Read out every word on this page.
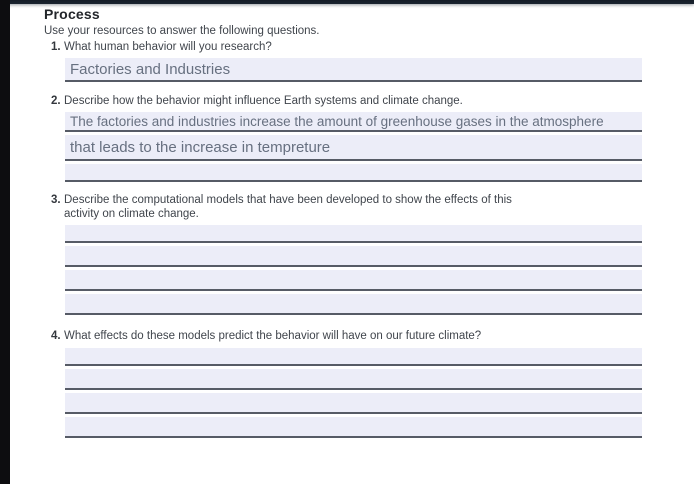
Process

Use your resources to answer the following questions.

1. What human behavior will you research?
Factories and Industries
2. Describe how the behavior might influence Earth systems and climate change.
The factories and industries increase the amount of greenhouse gases in the atmosphere
that leads to the increase in tempreture
3. Describe the computational models that have been developed to show the effects of this activity on climate change.
4. What effects do these models predict the behavior will have on our future climate?
